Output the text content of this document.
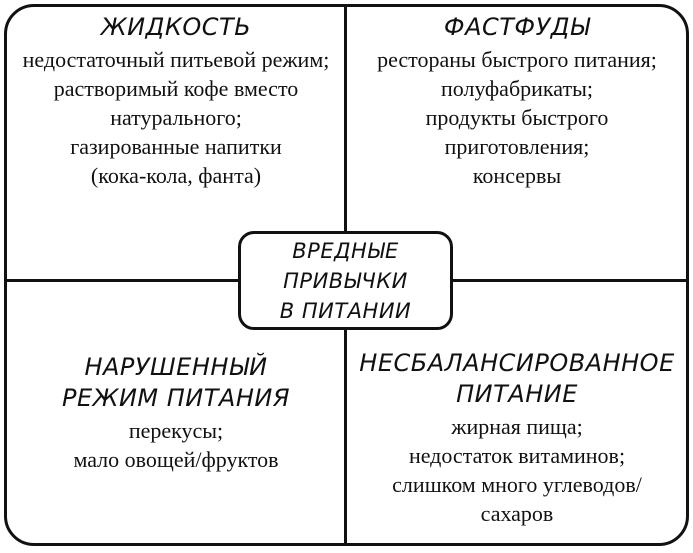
ЖИДКОСТЬ
недостаточный питьевой режим;
растворимый кофе вместо
натурального;
газированные напитки
(кока-кола, фанта)
ФАСТФУДЫ
рестораны быстрого питания;
полуфабрикаты;
продукты быстрого
приготовления;
консервы
НАРУШЕННЫЙ
РЕЖИМ ПИТАНИЯ
перекусы;
мало овощей/фруктов
НЕСБАЛАНСИРОВАННОЕ
ПИТАНИЕ
жирная пища;
недостаток витаминов;
слишком много углеводов/
сахаров
ВРЕДНЫЕ
ПРИВЫЧКИ
В ПИТАНИИ
